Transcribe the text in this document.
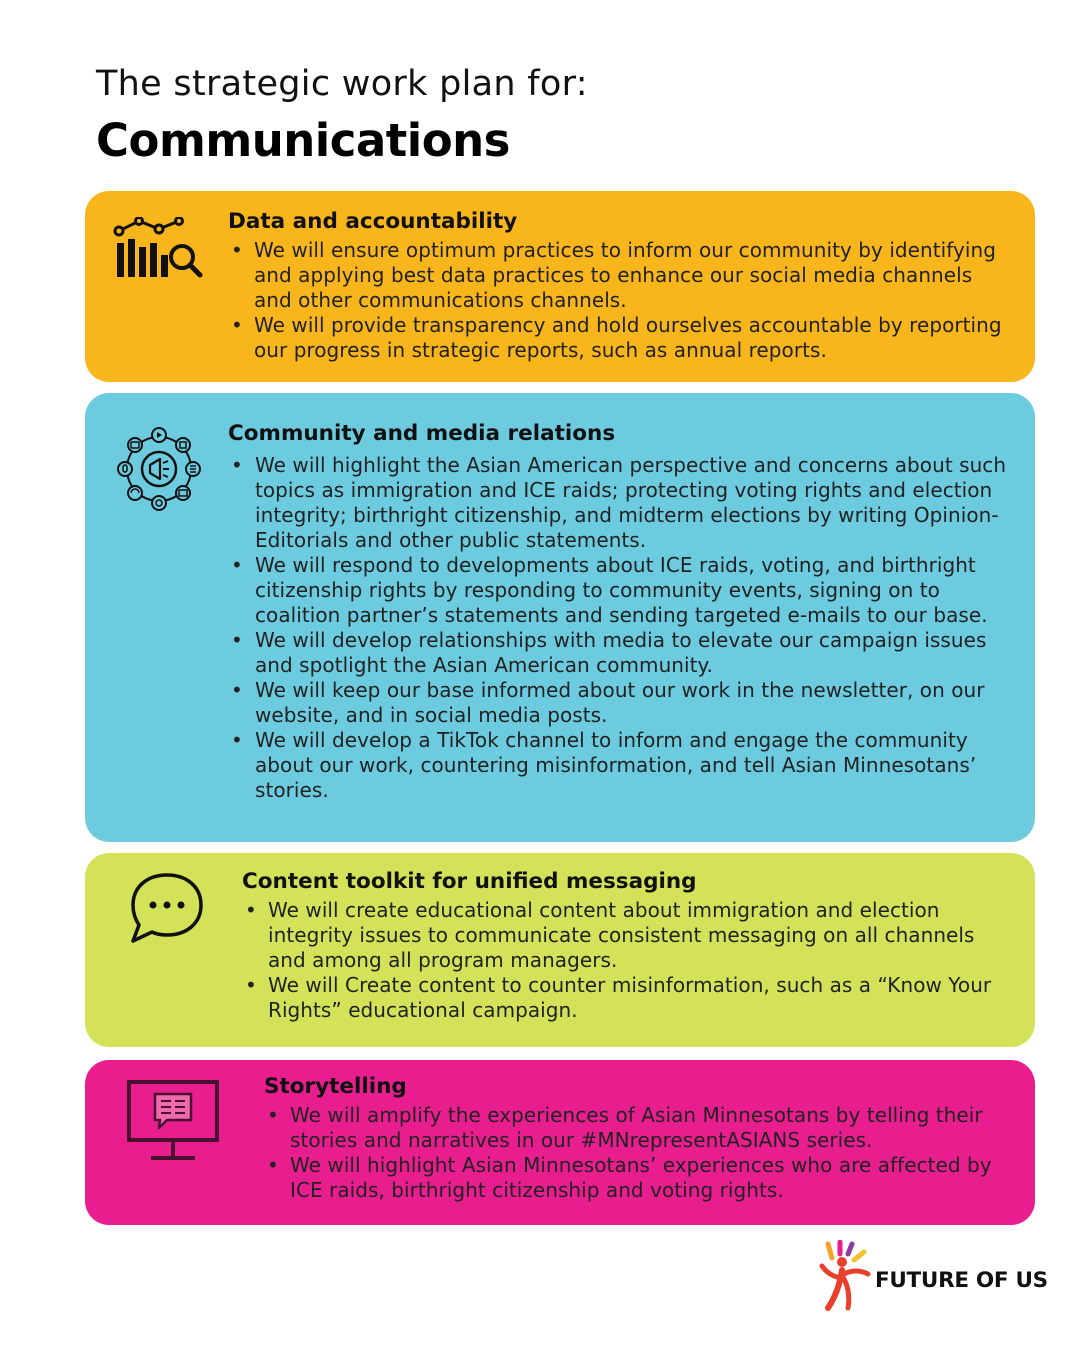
The strategic work plan for:
Communications
Data and accountability
• We will ensure optimum practices to inform our community by identifying and applying best data practices to enhance our social media channels and other communications channels.
• We will provide transparency and hold ourselves accountable by reporting our progress in strategic reports, such as annual reports.
Community and media relations
• We will highlight the Asian American perspective and concerns about such topics as immigration and ICE raids; protecting voting rights and election integrity; birthright citizenship, and midterm elections by writing Opinion-Editorials and other public statements.
• We will respond to developments about ICE raids, voting, and birthright citizenship rights by responding to community events, signing on to coalition partner’s statements and sending targeted e-mails to our base.
• We will develop relationships with media to elevate our campaign issues and spotlight the Asian American community.
• We will keep our base informed about our work in the newsletter, on our website, and in social media posts.
• We will develop a TikTok channel to inform and engage the community about our work, countering misinformation, and tell Asian Minnesotans’ stories.
Content toolkit for unified messaging
• We will create educational content about immigration and election integrity issues to communicate consistent messaging on all channels and among all program managers.
• We will Create content to counter misinformation, such as a “Know Your Rights” educational campaign.
Storytelling
• We will amplify the experiences of Asian Minnesotans by telling their stories and narratives in our #MNrepresentASIANS series.
• We will highlight Asian Minnesotans’ experiences who are affected by ICE raids, birthright citizenship and voting rights.
FUTURE OF US
